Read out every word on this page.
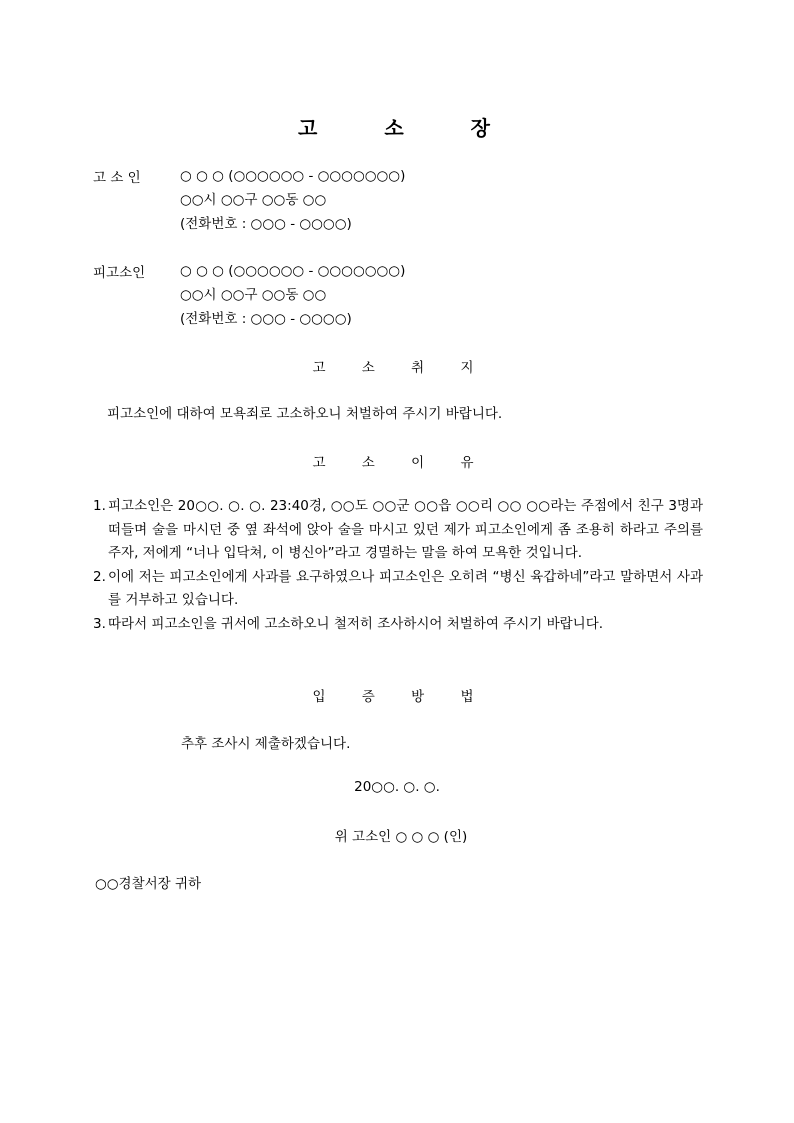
고 소 장
고 소 인	○ ○ ○ (○○○○○○ - ○○○○○○○)
○○시 ○○구 ○○동 ○○
(전화번호 : ○○○ - ○○○○)
피고소인	○ ○ ○ (○○○○○○ - ○○○○○○○)
○○시 ○○구 ○○동 ○○
(전화번호 : ○○○ - ○○○○)
고 소 취 지
피고소인에 대하여 모욕죄로 고소하오니 처벌하여 주시기 바랍니다.
고 소 이 유
1. 피고소인은 20○○. ○. ○. 23:40경, ○○도 ○○군 ○○읍 ○○리 ○○ ○○라는 주점에서 친구 3명과 떠들며 술을 마시던 중 옆 좌석에 앉아 술을 마시고 있던 제가 피고소인에게 좀 조용히 하라고 주의를 주자, 저에게 “너나 입닥쳐, 이 병신아”라고 경멸하는 말을 하여 모욕한 것입니다.
2. 이에 저는 피고소인에게 사과를 요구하였으나 피고소인은 오히려 “병신 육갑하네”라고 말하면서 사과를 거부하고 있습니다.
3. 따라서 피고소인을 귀서에 고소하오니 철저히 조사하시어 처벌하여 주시기 바랍니다.
입 증 방 법
추후 조사시 제출하겠습니다.
20○○. ○. ○.
위 고소인 ○ ○ ○ (인)
○○경찰서장 귀하
